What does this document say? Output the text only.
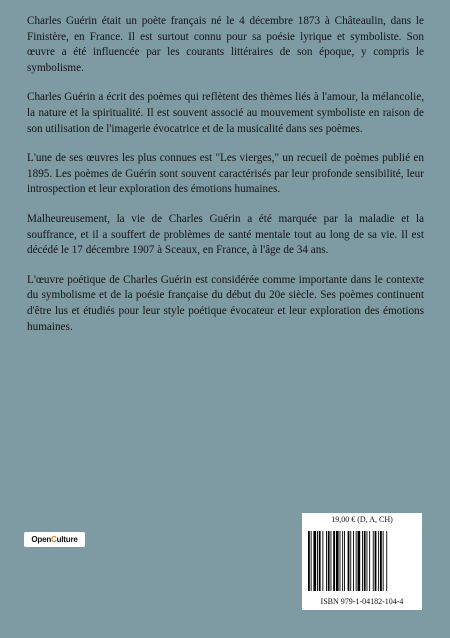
Charles Guérin était un poète français né le 4 décembre 1873 à Châteaulin, dans le Finistère, en France. Il est surtout connu pour sa poésie lyrique et symboliste. Son œuvre a été influencée par les courants littéraires de son époque, y compris le symbolisme.

Charles Guérin a écrit des poèmes qui reflètent des thèmes liés à l'amour, la mélancolie, la nature et la spiritualité. Il est souvent associé au mouvement symboliste en raison de son utilisation de l'imagerie évocatrice et de la musicalité dans ses poèmes.

L'une de ses œuvres les plus connues est "Les vierges," un recueil de poèmes publié en 1895. Les poèmes de Guérin sont souvent caractérisés par leur profonde sensibilité, leur introspection et leur exploration des émotions humaines.

Malheureusement, la vie de Charles Guérin a été marquée par la maladie et la souffrance, et il a souffert de problèmes de santé mentale tout au long de sa vie. Il est décédé le 17 décembre 1907 à Sceaux, en France, à l'âge de 34 ans.

L'œuvre poétique de Charles Guérin est considérée comme importante dans le contexte du symbolisme et de la poésie française du début du 20e siècle. Ses poèmes continuent d'être lus et étudiés pour leur style poétique évocateur et leur exploration des émotions humaines.

Open C ulture
19,00 € (D, A, CH)
ISBN 979-1-04182-104-4
